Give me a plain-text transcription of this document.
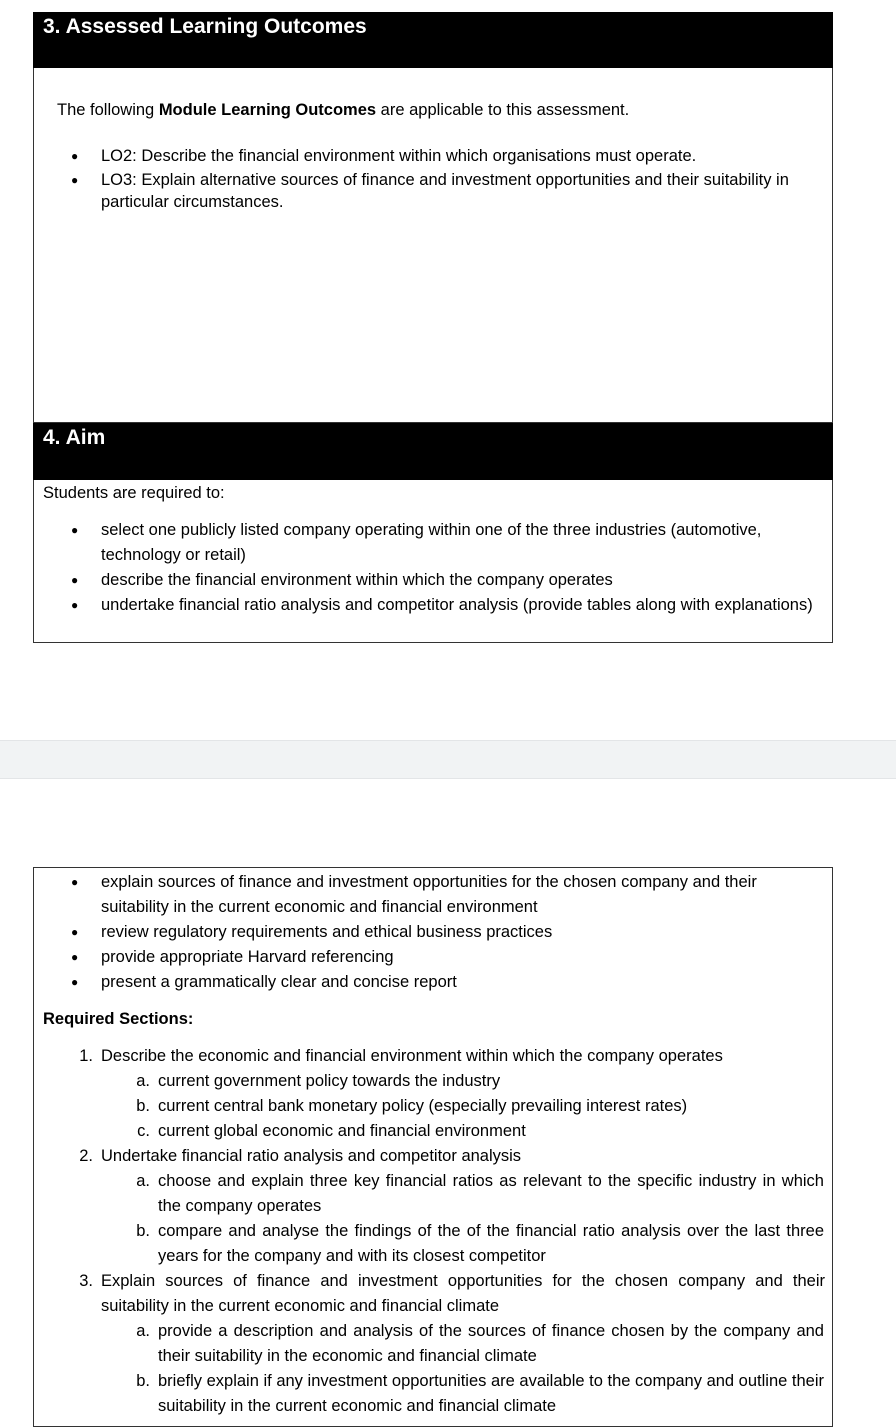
3. Assessed Learning Outcomes
The following Module Learning Outcomes are applicable to this assessment.
● LO2: Describe the financial environment within which organisations must operate.
● LO3: Explain alternative sources of finance and investment opportunities and their suitability in particular circumstances.
4. Aim
Students are required to:
● select one publicly listed company operating within one of the three industries (automotive, technology or retail)
● describe the financial environment within which the company operates
● undertake financial ratio analysis and competitor analysis (provide tables along with explanations)
● explain sources of finance and investment opportunities for the chosen company and their suitability in the current economic and financial environment
● review regulatory requirements and ethical business practices
● provide appropriate Harvard referencing
● present a grammatically clear and concise report
Required Sections:
1. Describe the economic and financial environment within which the company operates
a. current government policy towards the industry
b. current central bank monetary policy (especially prevailing interest rates)
c. current global economic and financial environment
2. Undertake financial ratio analysis and competitor analysis
a. choose and explain three key financial ratios as relevant to the specific industry in which the company operates
b. compare and analyse the findings of the of the financial ratio analysis over the last three years for the company and with its closest competitor
3. Explain sources of finance and investment opportunities for the chosen company and their suitability in the current economic and financial climate
a. provide a description and analysis of the sources of finance chosen by the company and their suitability in the economic and financial climate
b. briefly explain if any investment opportunities are available to the company and outline their suitability in the current economic and financial climate
